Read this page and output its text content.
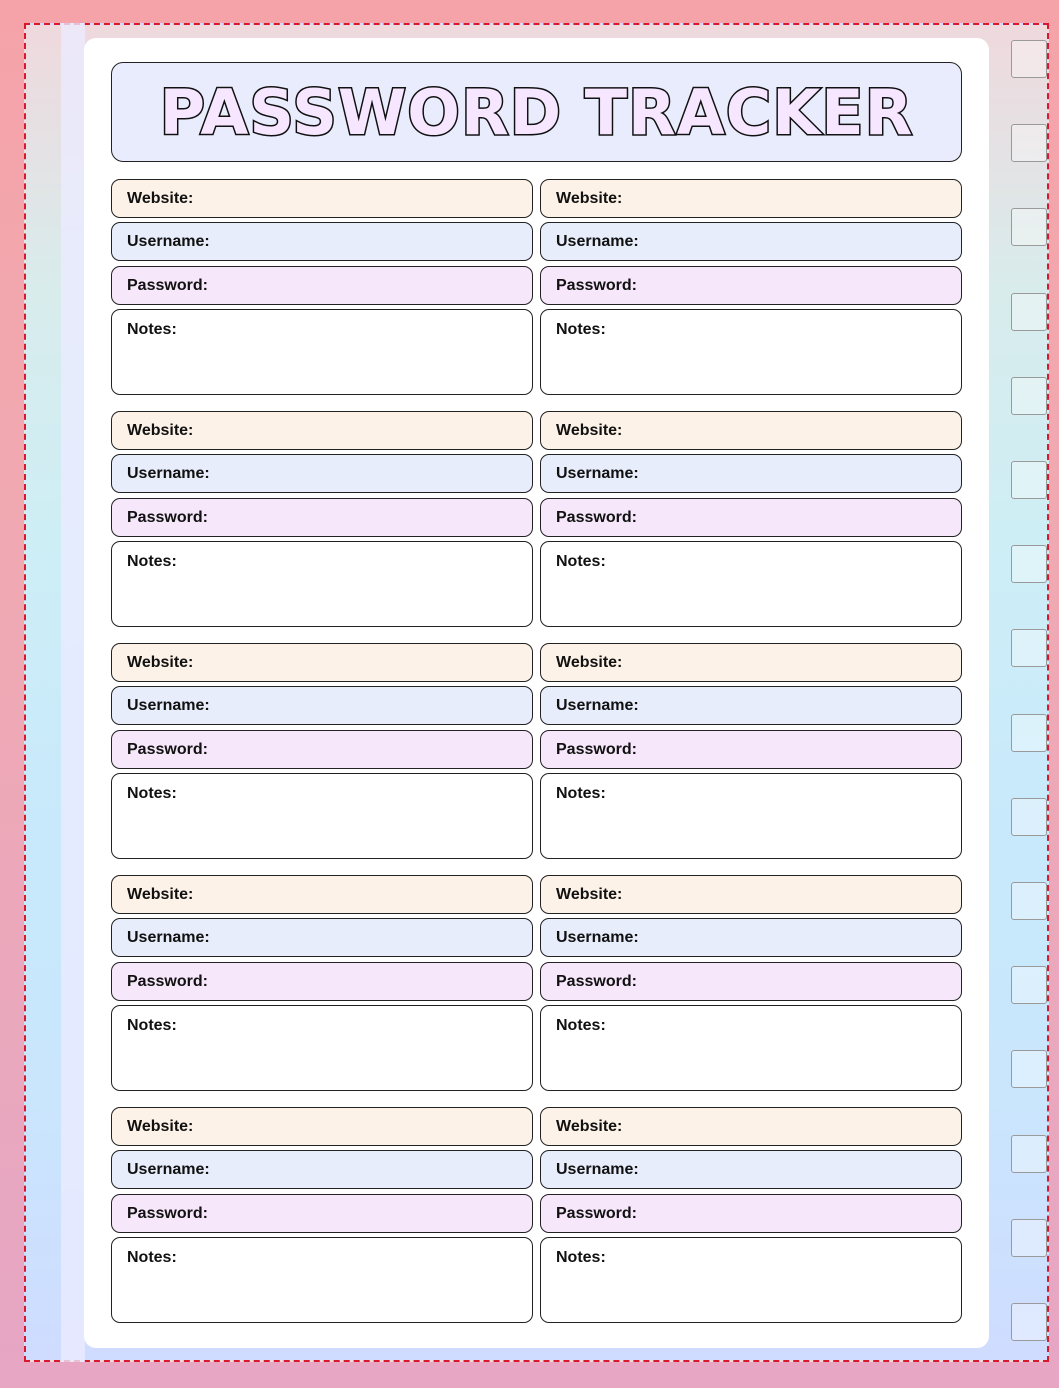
PASSWORD TRACKER
Website:
Username:
Password:
Notes:
Website:
Username:
Password:
Notes:
Website:
Username:
Password:
Notes:
Website:
Username:
Password:
Notes:
Website:
Username:
Password:
Notes:
Website:
Username:
Password:
Notes:
Website:
Username:
Password:
Notes:
Website:
Username:
Password:
Notes:
Website:
Username:
Password:
Notes:
Website:
Username:
Password:
Notes:
